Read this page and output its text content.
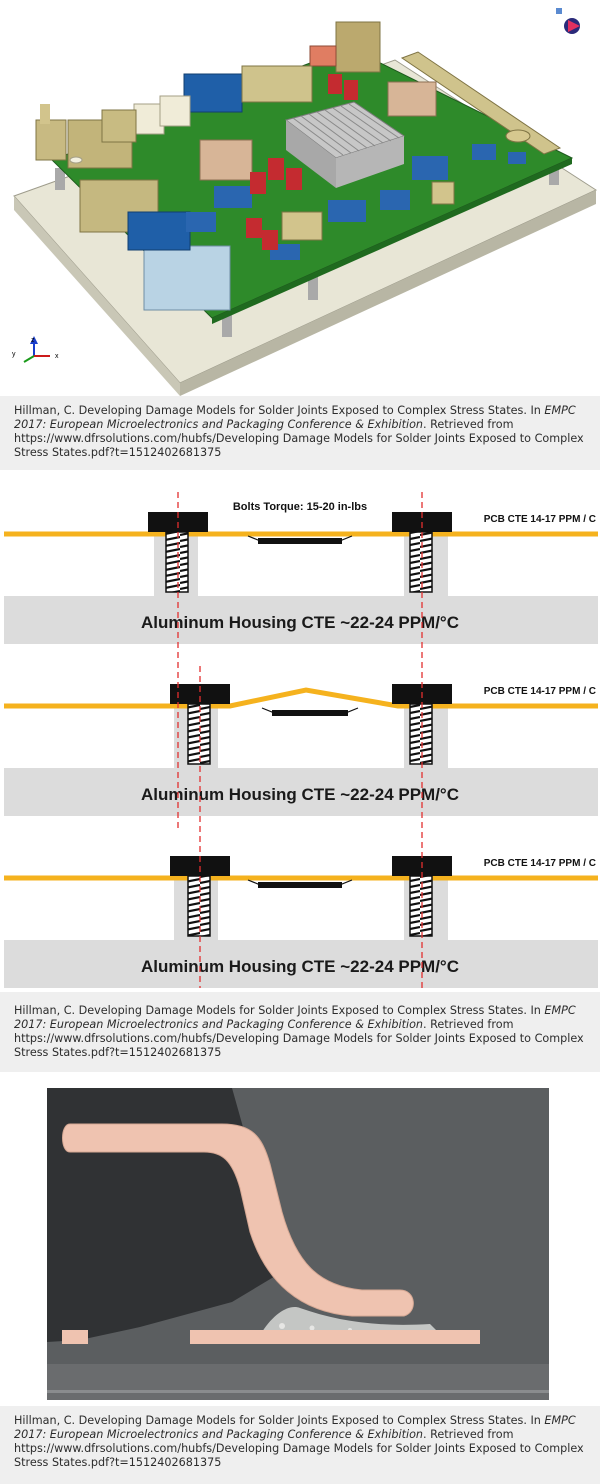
z
y	x
Hillman, C. Developing Damage Models for Solder Joints Exposed to Complex Stress States. In EMPC 2017: European Microelectronics and Packaging Conference & Exhibition. Retrieved from https://www.dfrsolutions.com/hubfs/Developing Damage Models for Solder Joints Exposed to Complex Stress States.pdf?t=1512402681375
Bolts Torque: 15-20 in-lbs
PCB CTE 14-17 PPM / C
Aluminum Housing CTE ~22-24 PPM/°C
PCB CTE 14-17 PPM / C
Aluminum Housing CTE ~22-24 PPM/°C
PCB CTE 14-17 PPM / C
Aluminum Housing CTE ~22-24 PPM/°C
Hillman, C. Developing Damage Models for Solder Joints Exposed to Complex Stress States. In EMPC 2017: European Microelectronics and Packaging Conference & Exhibition. Retrieved from https://www.dfrsolutions.com/hubfs/Developing Damage Models for Solder Joints Exposed to Complex Stress States.pdf?t=1512402681375
Hillman, C. Developing Damage Models for Solder Joints Exposed to Complex Stress States. In EMPC 2017: European Microelectronics and Packaging Conference & Exhibition. Retrieved from https://www.dfrsolutions.com/hubfs/Developing Damage Models for Solder Joints Exposed to Complex Stress States.pdf?t=1512402681375
